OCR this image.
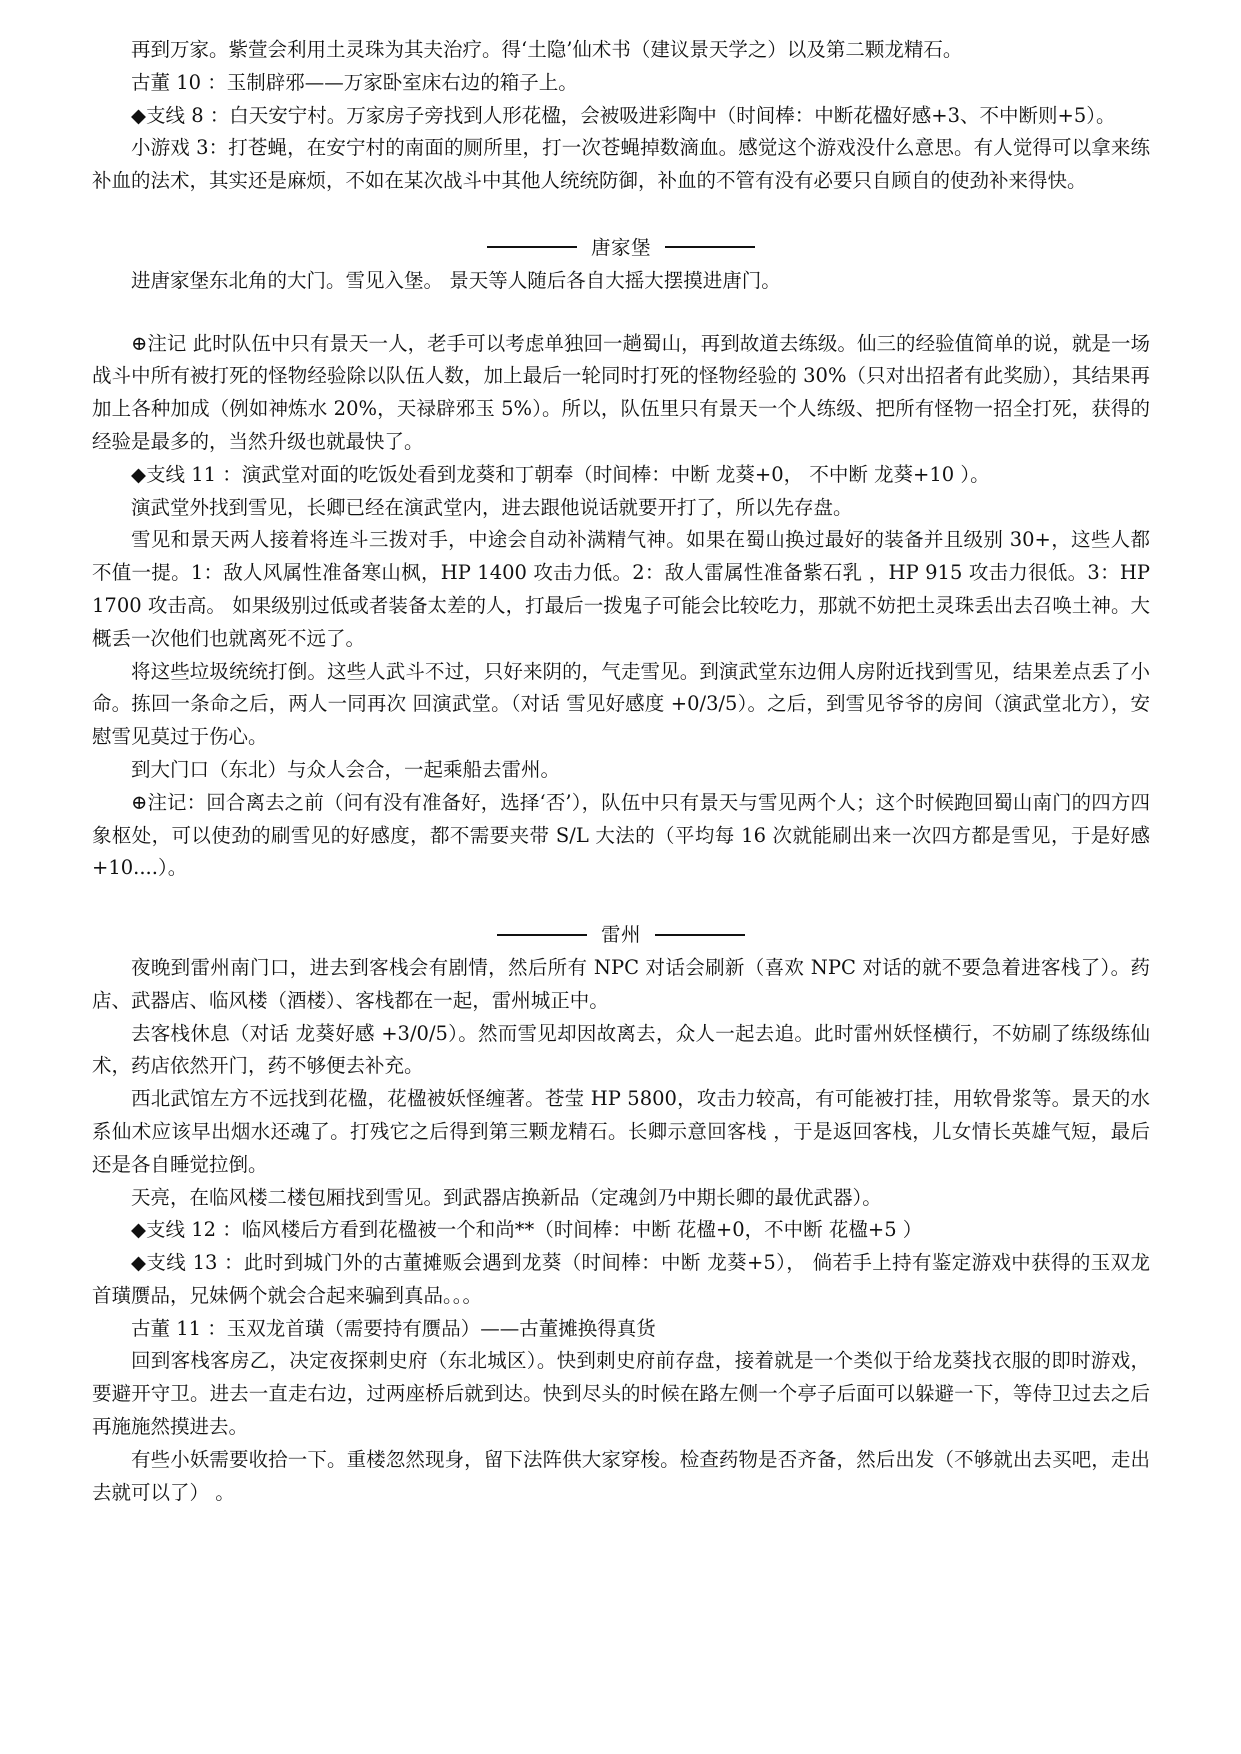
再到万家。紫萱会利用土灵珠为其夫治疗。得‘土隐’仙术书（建议景天学之）以及第二颗龙精石。

古董 10 ：玉制辟邪——万家卧室床右边的箱子上。

◆支线 8 ：白天安宁村。万家房子旁找到人形花楹，会被吸进彩陶中（时间棒：中断花楹好感+3、不中断则+5）。

小游戏 3：打苍蝇，在安宁村的南面的厕所里，打一次苍蝇掉数滴血。感觉这个游戏没什么意思。有人觉得可以拿来练补血的法术，其实还是麻烦，不如在某次战斗中其他人统统防御，补血的不管有没有必要只自顾自的使劲补来得快。

唐家堡

进唐家堡东北角的大门。雪见入堡。 景天等人随后各自大摇大摆摸进唐门。

⊕注记 此时队伍中只有景天一人，老手可以考虑单独回一趟蜀山，再到故道去练级。仙三的经验值简单的说，就是一场战斗中所有被打死的怪物经验除以队伍人数，加上最后一轮同时打死的怪物经验的 30%（只对出招者有此奖励），其结果再加上各种加成（例如神炼水 20%，天禄辟邪玉 5%）。所以，队伍里只有景天一个人练级、把所有怪物一招全打死，获得的经验是最多的，当然升级也就最快了。

◆支线 11 ：演武堂对面的吃饭处看到龙葵和丁朝奉（时间棒：中断 龙葵+0， 不中断 龙葵+10 ）。

演武堂外找到雪见，长卿已经在演武堂内，进去跟他说话就要开打了，所以先存盘。

雪见和景天两人接着将连斗三拨对手，中途会自动补满精气神。如果在蜀山换过最好的装备并且级别 30+，这些人都不值一提。1：敌人风属性准备寒山枫，HP 1400 攻击力低。2：敌人雷属性准备紫石乳 ，HP 915 攻击力很低。3：HP 1700 攻击高。 如果级别过低或者装备太差的人，打最后一拨鬼子可能会比较吃力，那就不妨把土灵珠丢出去召唤土神。大概丢一次他们也就离死不远了。

将这些垃圾统统打倒。这些人武斗不过，只好来阴的，气走雪见。到演武堂东边佣人房附近找到雪见，结果差点丢了小命。拣回一条命之后，两人一同再次 回演武堂。（对话 雪见好感度 +0/3/5）。之后，到雪见爷爷的房间（演武堂北方），安慰雪见莫过于伤心。

到大门口（东北）与众人会合，一起乘船去雷州。

⊕注记：回合离去之前（问有没有准备好，选择‘否’），队伍中只有景天与雪见两个人；这个时候跑回蜀山南门的四方四象枢处，可以使劲的刷雪见的好感度，都不需要夹带 S/L 大法的（平均每 16 次就能刷出来一次四方都是雪见，于是好感 +10....）。

雷州

夜晚到雷州南门口，进去到客栈会有剧情，然后所有 NPC 对话会刷新（喜欢 NPC 对话的就不要急着进客栈了）。药店、武器店、临风楼（酒楼）、客栈都在一起，雷州城正中。

去客栈休息（对话 龙葵好感 +3/0/5）。然而雪见却因故离去，众人一起去追。此时雷州妖怪横行，不妨刷了练级练仙术，药店依然开门，药不够便去补充。

西北武馆左方不远找到花楹，花楹被妖怪缠著。苍莹 HP 5800，攻击力较高，有可能被打挂，用软骨浆等。景天的水系仙术应该早出烟水还魂了。打残它之后得到第三颗龙精石。长卿示意回客栈 ，于是返回客栈，儿女情长英雄气短，最后还是各自睡觉拉倒。

天亮，在临风楼二楼包厢找到雪见。到武器店换新品（定魂剑乃中期长卿的最优武器）。

◆支线 12 ：临风楼后方看到花楹被一个和尚**（时间棒：中断 花楹+0，不中断 花楹+5 ）

◆支线 13 ：此时到城门外的古董摊贩会遇到龙葵（时间棒：中断 龙葵+5）， 倘若手上持有鉴定游戏中获得的玉双龙首璜赝品，兄妹俩个就会合起来骗到真品。。。

古董 11 ：玉双龙首璜（需要持有赝品）——古董摊换得真货

回到客栈客房乙，决定夜探刺史府（东北城区）。快到刺史府前存盘，接着就是一个类似于给龙葵找衣服的即时游戏，要避开守卫。进去一直走右边，过两座桥后就到达。快到尽头的时候在路左侧一个亭子后面可以躲避一下，等侍卫过去之后再施施然摸进去。

有些小妖需要收拾一下。重楼忽然现身，留下法阵供大家穿梭。检查药物是否齐备，然后出发（不够就出去买吧，走出去就可以了） 。
